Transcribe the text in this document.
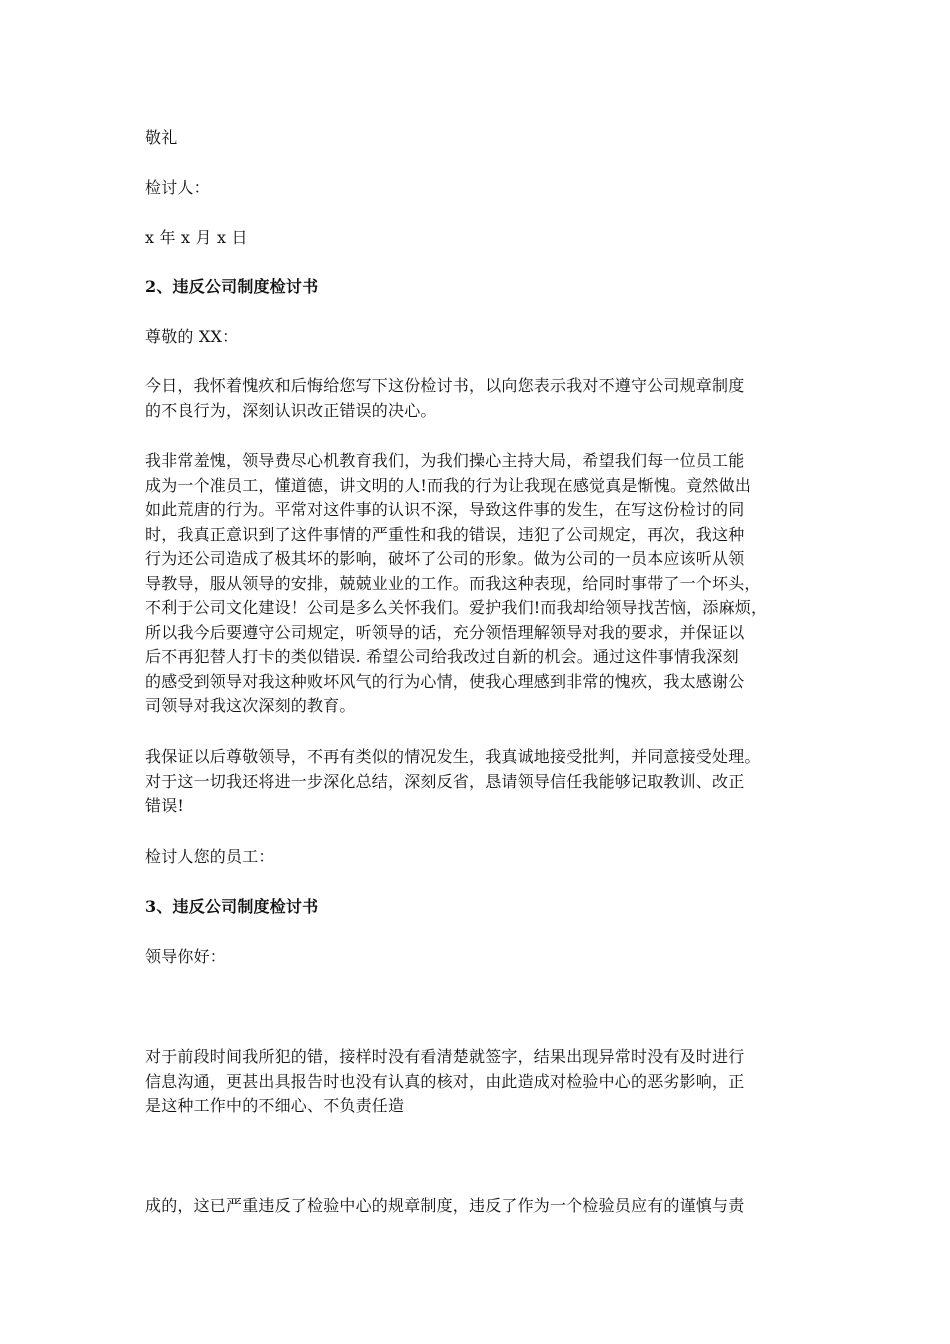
敬礼
检讨人：
x 年 x 月 x 日
2、违反公司制度检讨书
尊敬的 XX：
今日，我怀着愧疚和后悔给您写下这份检讨书，以向您表示我对不遵守公司规章制度
的不良行为，深刻认识改正错误的决心。
我非常羞愧，领导费尽心机教育我们，为我们操心主持大局，希望我们每一位员工能
成为一个准员工，懂道德，讲文明的人!而我的行为让我现在感觉真是惭愧。竟然做出
如此荒唐的行为。平常对这件事的认识不深，导致这件事的发生，在写这份检讨的同
时，我真正意识到了这件事情的严重性和我的错误，违犯了公司规定，再次，我这种
行为还公司造成了极其坏的影响，破坏了公司的形象。做为公司的一员本应该听从领
导教导，服从领导的安排，兢兢业业的工作。而我这种表现，给同时事带了一个坏头，
不利于公司文化建设！公司是多么关怀我们。爱护我们!而我却给领导找苦恼，添麻烦，
所以我今后要遵守公司规定，听领导的话，充分领悟理解领导对我的要求，并保证以
后不再犯替人打卡的类似错误. 希望公司给我改过自新的机会。通过这件事情我深刻
的感受到领导对我这种败坏风气的行为心情，使我心理感到非常的愧疚，我太感谢公
司领导对我这次深刻的教育。
我保证以后尊敬领导，不再有类似的情况发生，我真诚地接受批判，并同意接受处理。
对于这一切我还将进一步深化总结，深刻反省，恳请领导信任我能够记取教训、改正
错误!
检讨人您的员工：
3、违反公司制度检讨书
领导你好：
对于前段时间我所犯的错，接样时没有看清楚就签字，结果出现异常时没有及时进行
信息沟通，更甚出具报告时也没有认真的核对，由此造成对检验中心的恶劣影响，正
是这种工作中的不细心、不负责任造
成的，这已严重违反了检验中心的规章制度，违反了作为一个检验员应有的谨慎与责
